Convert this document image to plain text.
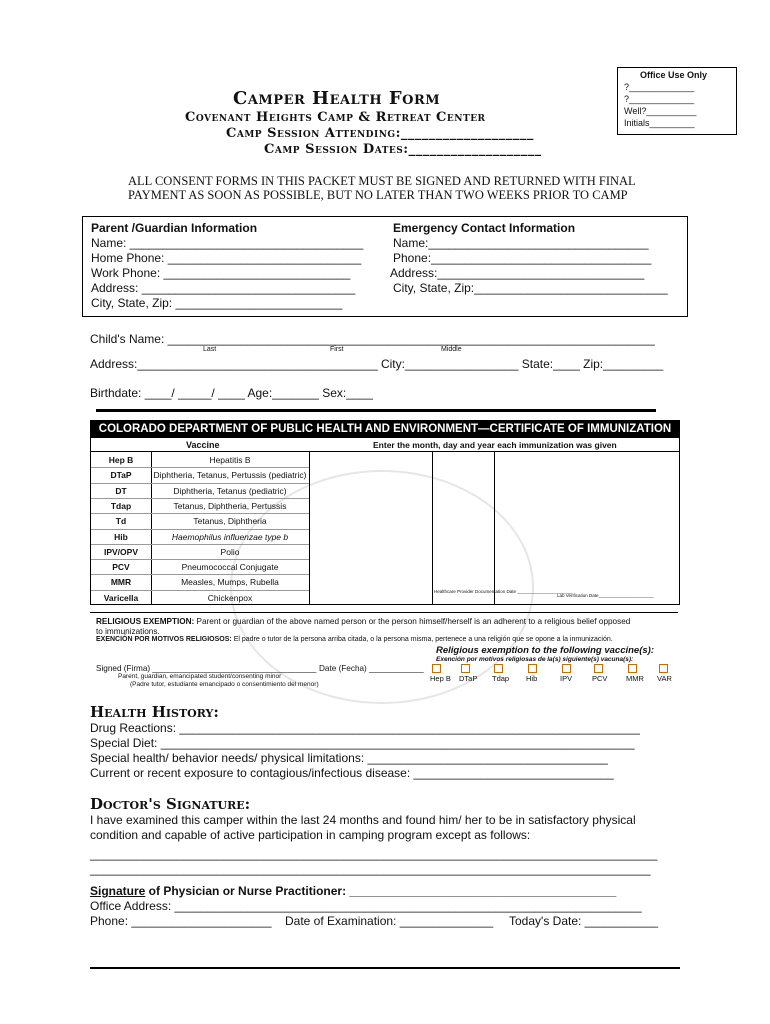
Office Use Only
?_____________
?_____________
Well?__________
Initials_________
Camper Health Form
Covenant Heights Camp & Retreat Center
Camp Session Attending:___________________
Camp Session Dates:___________________
ALL CONSENT FORMS IN THIS PACKET MUST BE SIGNED AND RETURNED WITH FINAL
PAYMENT AS SOON AS POSSIBLE, BUT NO LATER THAN TWO WEEKS PRIOR TO CAMP
Parent /Guardian Information
Name: ___________________________________
Home Phone: _____________________________
Work Phone: ____________________________
Address: ________________________________
City, State, Zip: _________________________
Emergency Contact Information
Name:_________________________________
Phone:_________________________________
Address:_______________________________
City, State, Zip:_____________________________
Child's Name: _________________________________________________________________________
Last	First	Middle
Address:____________________________________ City:_________________ State:____ Zip:_________
Birthdate: ____/ _____/ ____ Age:_______ Sex:____
COLORADO DEPARTMENT OF PUBLIC HEALTH AND ENVIRONMENT—CERTIFICATE OF IMMUNIZATION
Vaccine	Enter the month, day and year each immunization was given
Hep B	Hepatitis B
DTaP	Diphtheria, Tetanus, Pertussis (pediatric)
DT	Diphtheria, Tetanus (pediatric)
Tdap	Tetanus, Diphtheria, Pertussis
Td	Tetanus, Diphtheria
Hib	Haemophilus influenzae type b
IPV/OPV	Polio
PCV	Pneumococcal Conjugate
MMR	Measles, Mumps, Rubella
Varicella	Chickenpox
Healthcare Provider Documentation Date ______________________
Lab Verification Date______________________
RELIGIOUS EXEMPTION: Parent or guardian of the above named person or the person himself/herself is an adherent to a religious belief opposed
to immunizations.
EXENCIÓN POR MOTIVOS RELIGIOSOS: El padre o tutor de la persona arriba citada, o la persona misma, pertenece a una religión que se opone a la inmunización.
Religious exemption to the following vaccine(s):
Exención por motivos religiosas de la(s) siguiente(s) vacuna(s):
Signed (Firma) ____________________________________ Date (Fecha) ____________
Parent, guardian, emancipated student/consenting minor
(Padre tutor, estudiante emancipado o consentimiento del menor)
Hep B DTaP Tdap Hib	IPV	PCV MMR VAR
Health History:
Drug Reactions: _____________________________________________________________________
Special Diet: _______________________________________________________________________
Special health/ behavior needs/ physical limitations: ____________________________________
Current or recent exposure to contagious/infectious disease: ______________________________
Doctor's Signature:
I have examined this camper within the last 24 months and found him/ her to be in satisfactory physical
condition and capable of active participation in camping program except as follows:
_____________________________________________________________________________________
____________________________________________________________________________________
Signature of Physician or Nurse Practitioner: ________________________________________
Office Address: ______________________________________________________________________
Phone: _____________________ Date of Examination: ______________ Today's Date: ___________
